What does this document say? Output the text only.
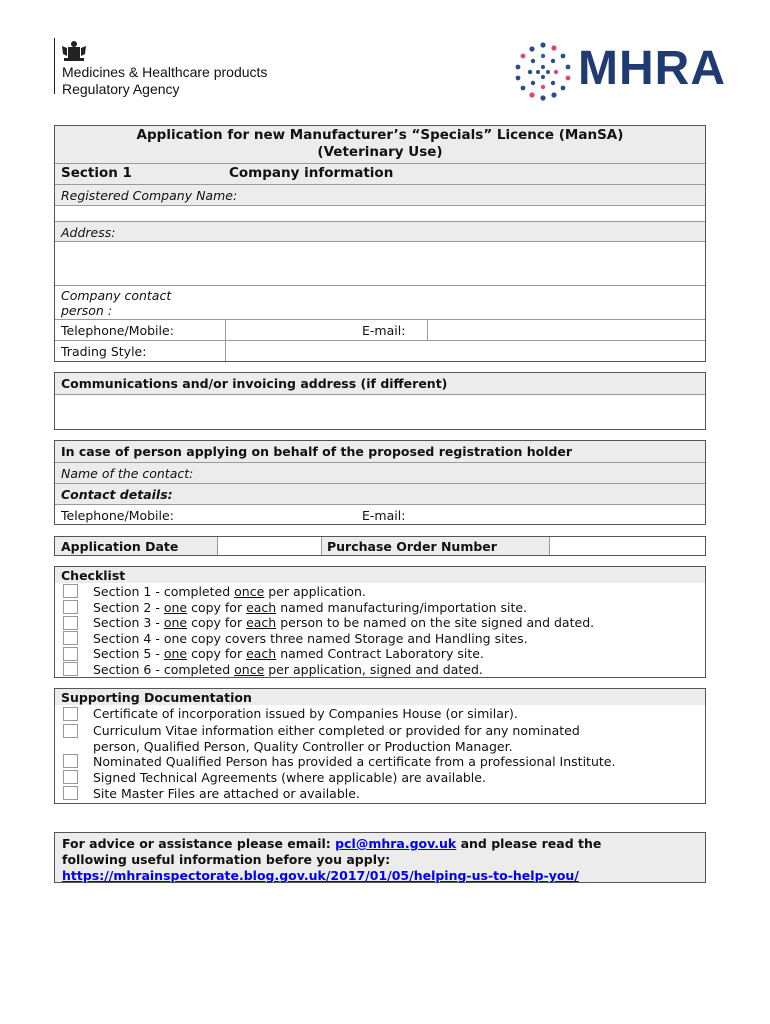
Medicines & Healthcare products
Regulatory Agency	MHRA
Application for new Manufacturer’s “Specials” Licence (ManSA)
(Veterinary Use)
Section 1	Company information
Registered Company Name:
Address:
Company contact
person :
Telephone/Mobile:	E-mail:
Trading Style:
Communications and/or invoicing address (if different)
In case of person applying on behalf of the proposed registration holder
Name of the contact:
Contact details:
Telephone/Mobile:	E-mail:
Application Date	Purchase Order Number
Checklist
Section 1 - completed once per application.
Section 2 - one copy for each named manufacturing/importation site.
Section 3 - one copy for each person to be named on the site signed and dated.
Section 4 - one copy covers three named Storage and Handling sites.
Section 5 - one copy for each named Contract Laboratory site.
Section 6 - completed once per application, signed and dated.
Supporting Documentation
Certificate of incorporation issued by Companies House (or similar).
Curriculum Vitae information either completed or provided for any nominated
person, Qualified Person, Quality Controller or Production Manager.
Nominated Qualified Person has provided a certificate from a professional Institute.
Signed Technical Agreements (where applicable) are available.
Site Master Files are attached or available.
For advice or assistance please email: pcl@mhra.gov.uk and please read the
following useful information before you apply:
https://mhrainspectorate.blog.gov.uk/2017/01/05/helping-us-to-help-you/
